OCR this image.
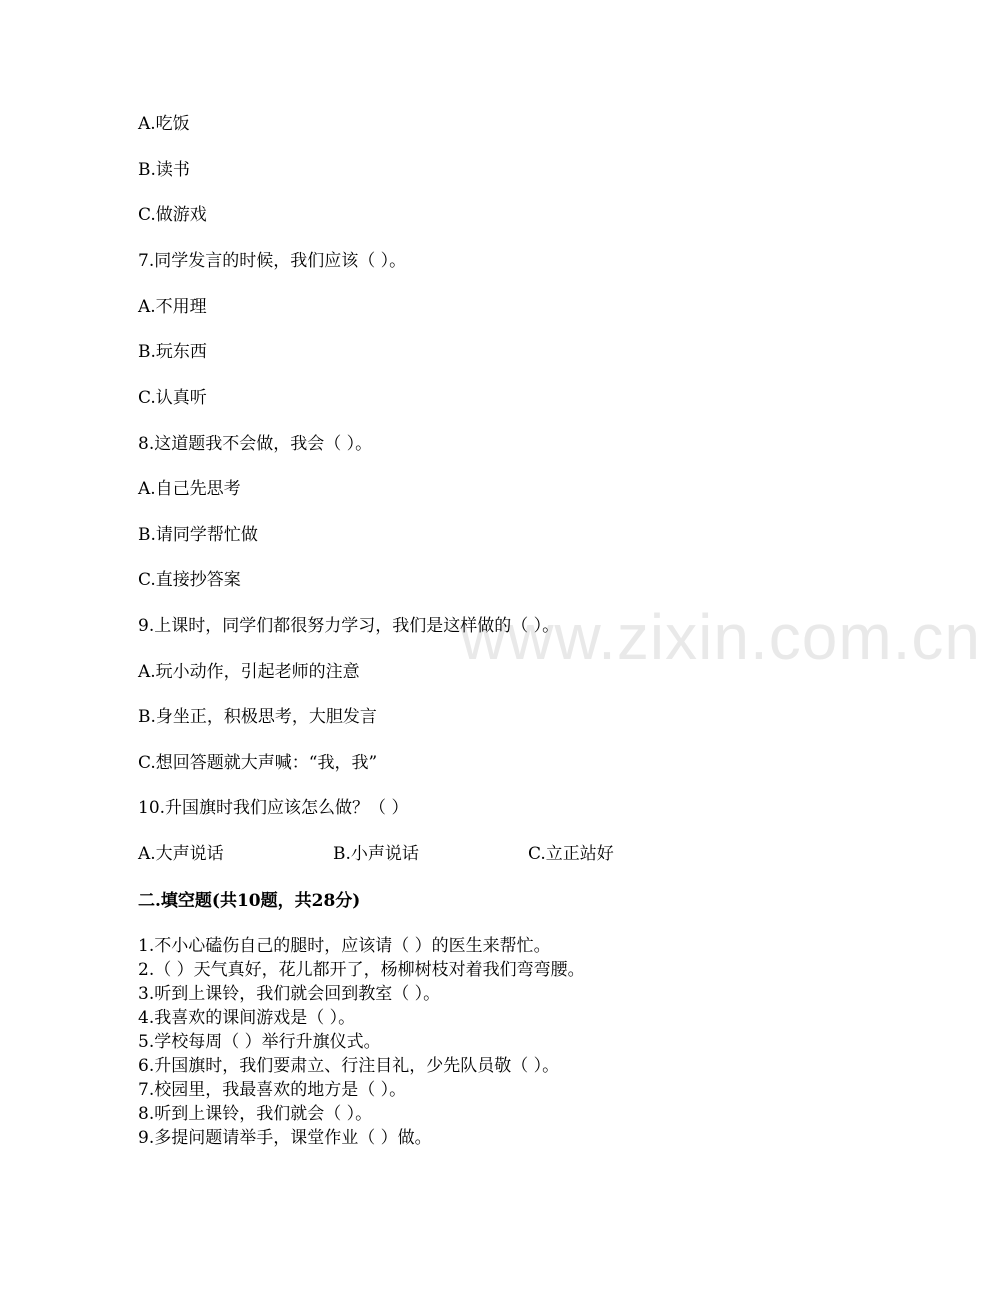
www.zixin.com.cn
A.吃饭
B.读书
C.做游戏
7.同学发言的时候，我们应该（ ）。
A.不用理
B.玩东西
C.认真听
8.这道题我不会做，我会（ ）。
A.自己先思考
B.请同学帮忙做
C.直接抄答案
9.上课时，同学们都很努力学习，我们是这样做的（ ）。
A.玩小动作，引起老师的注意
B.身坐正，积极思考，大胆发言
C.想回答题就大声喊：“我，我”
10.升国旗时我们应该怎么做？（ ）
A.大声说话	B.小声说话	C.立正站好
二.填空题(共10题，共28分)
1.不小心磕伤自己的腿时，应该请（ ）的医生来帮忙。
2.（ ）天气真好，花儿都开了，杨柳树枝对着我们弯弯腰。
3.听到上课铃，我们就会回到教室（ ）。
4.我喜欢的课间游戏是（ ）。
5.学校每周（ ）举行升旗仪式。
6.升国旗时，我们要肃立、行注目礼，少先队员敬（ ）。
7.校园里，我最喜欢的地方是（ ）。
8.听到上课铃，我们就会（ ）。
9.多提问题请举手，课堂作业（ ）做。
